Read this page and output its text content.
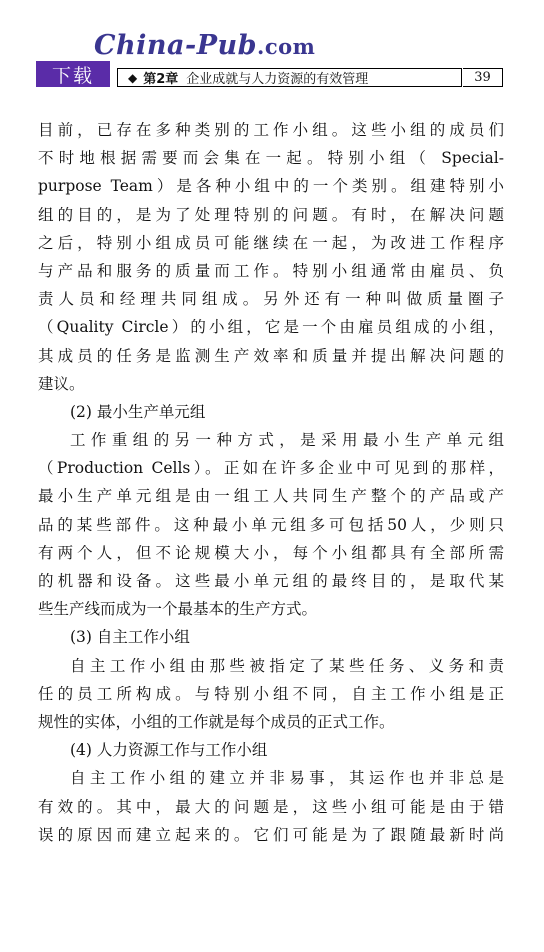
China-Pub.com
下载	◆ 第2章 企业成就与人力资源的有效管理	39
目前，已存在多种类别的工作小组。这些小组的成员们
不时地根据需要而会集在一起。特别小组（ Special-
purpose Team）是各种小组中的一个类别。组建特别小
组的目的，是为了处理特别的问题。有时，在解决问题
之后，特别小组成员可能继续在一起，为改进工作程序
与产品和服务的质量而工作。特别小组通常由雇员、负
责人员和经理共同组成。另外还有一种叫做质量圈子
（Quality Circle）的小组，它是一个由雇员组成的小组，
其成员的任务是监测生产效率和质量并提出解决问题的
建议。
(2) 最小生产单元组
工作重组的另一种方式，是采用最小生产单元组
（Production Cells）。正如在许多企业中可见到的那样，
最小生产单元组是由一组工人共同生产整个的产品或产
品的某些部件。这种最小单元组多可包括50人，少则只
有两个人，但不论规模大小，每个小组都具有全部所需
的机器和设备。这些最小单元组的最终目的，是取代某
些生产线而成为一个最基本的生产方式。
(3) 自主工作小组
自主工作小组由那些被指定了某些任务、义务和责
任的员工所构成。与特别小组不同，自主工作小组是正
规性的实体，小组的工作就是每个成员的正式工作。
(4) 人力资源工作与工作小组
自主工作小组的建立并非易事，其运作也并非总是
有效的。其中，最大的问题是，这些小组可能是由于错
误的原因而建立起来的。它们可能是为了跟随最新时尚
